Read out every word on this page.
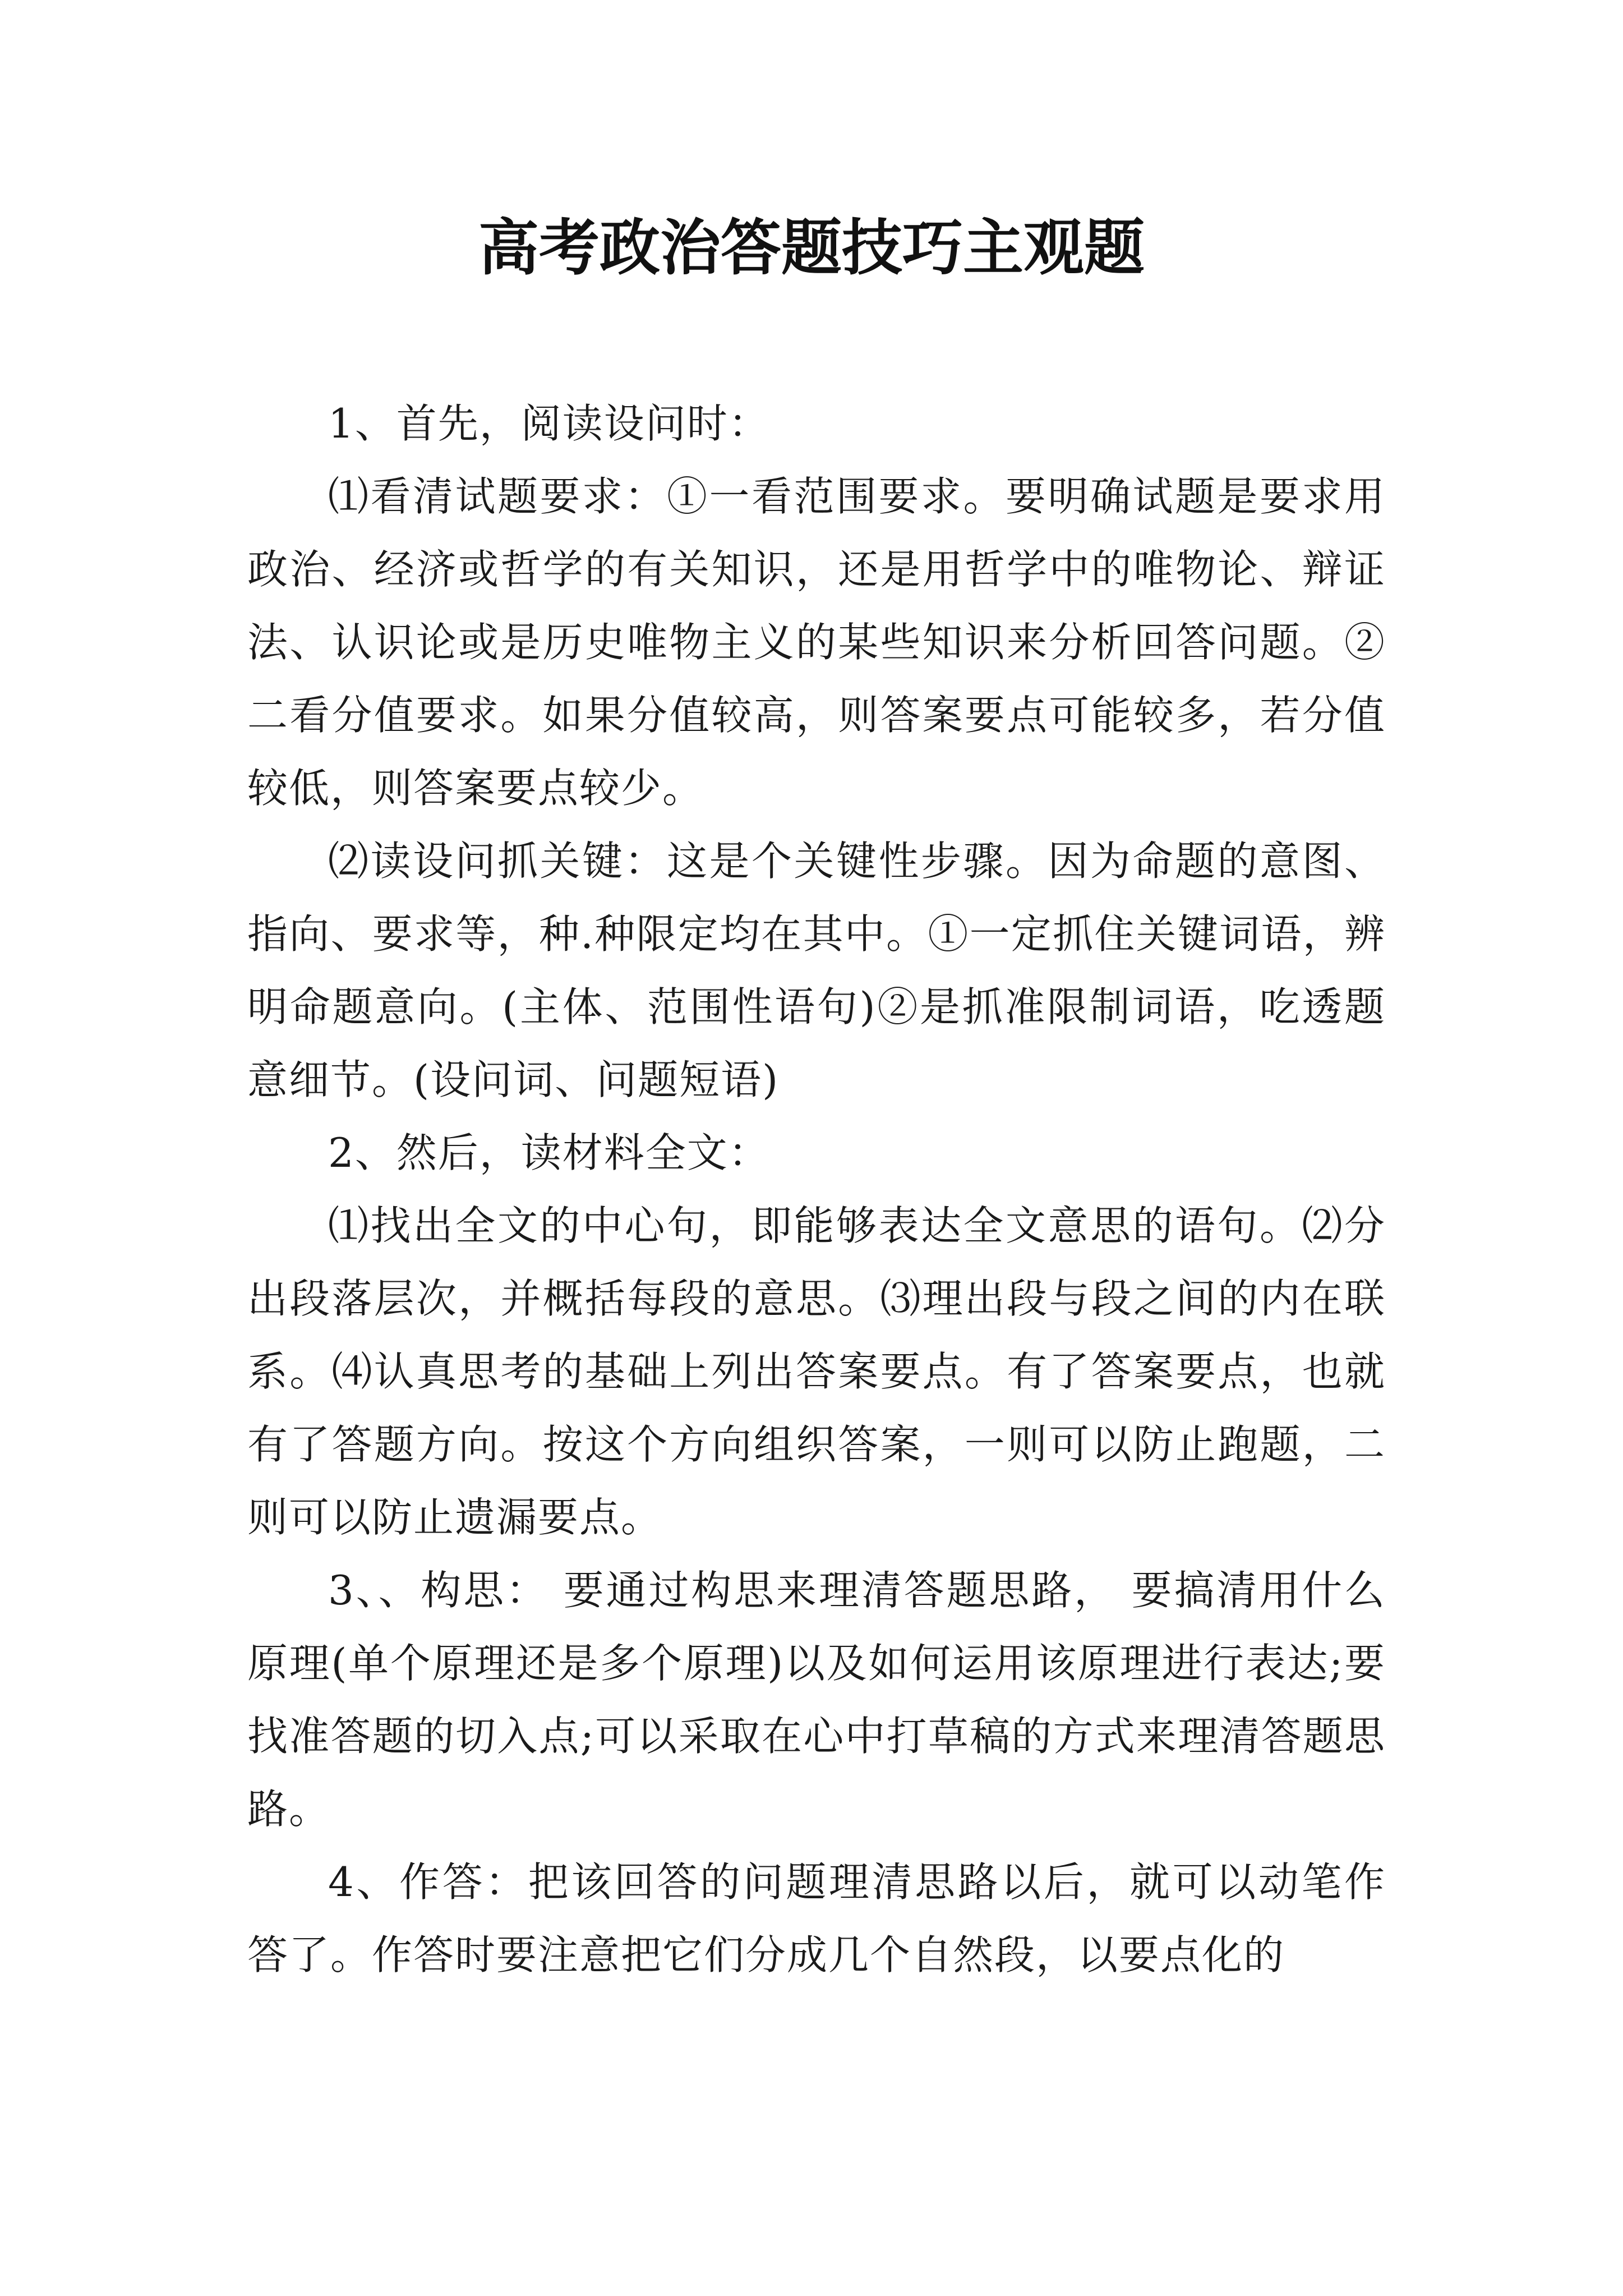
高考政治答题技巧主观题

1、首先，阅读设问时：

⑴看清试题要求：①一看范围要求。要明确试题是要求用政治、经济或哲学的有关知识，还是用哲学中的唯物论、辩证法、认识论或是历史唯物主义的某些知识来分析回答问题。②二看分值要求。如果分值较高，则答案要点可能较多，若分值较低，则答案要点较少。

⑵读设问抓关键：这是个关键性步骤。因为命题的意图、指向、要求等，种.种限定均在其中。①一定抓住关键词语，辨明命题意向。(主体、范围性语句)②是抓准限制词语，吃透题意细节。(设问词、问题短语)

2、然后，读材料全文：

⑴找出全文的中心句，即能够表达全文意思的语句。⑵分出段落层次，并概括每段的意思。⑶理出段与段之间的内在联系。⑷认真思考的基础上列出答案要点。有了答案要点，也就有了答题方向。按这个方向组织答案，一则可以防止跑题，二则可以防止遗漏要点。

3、、构思： 要通过构思来理清答题思路， 要搞清用什么原理(单个原理还是多个原理)以及如何运用该原理进行表达;要找准答题的切入点;可以采取在心中打草稿的方式来理清答题思路。

4、作答：把该回答的问题理清思路以后，就可以动笔作答了。作答时要注意把它们分成几个自然段，以要点化的
